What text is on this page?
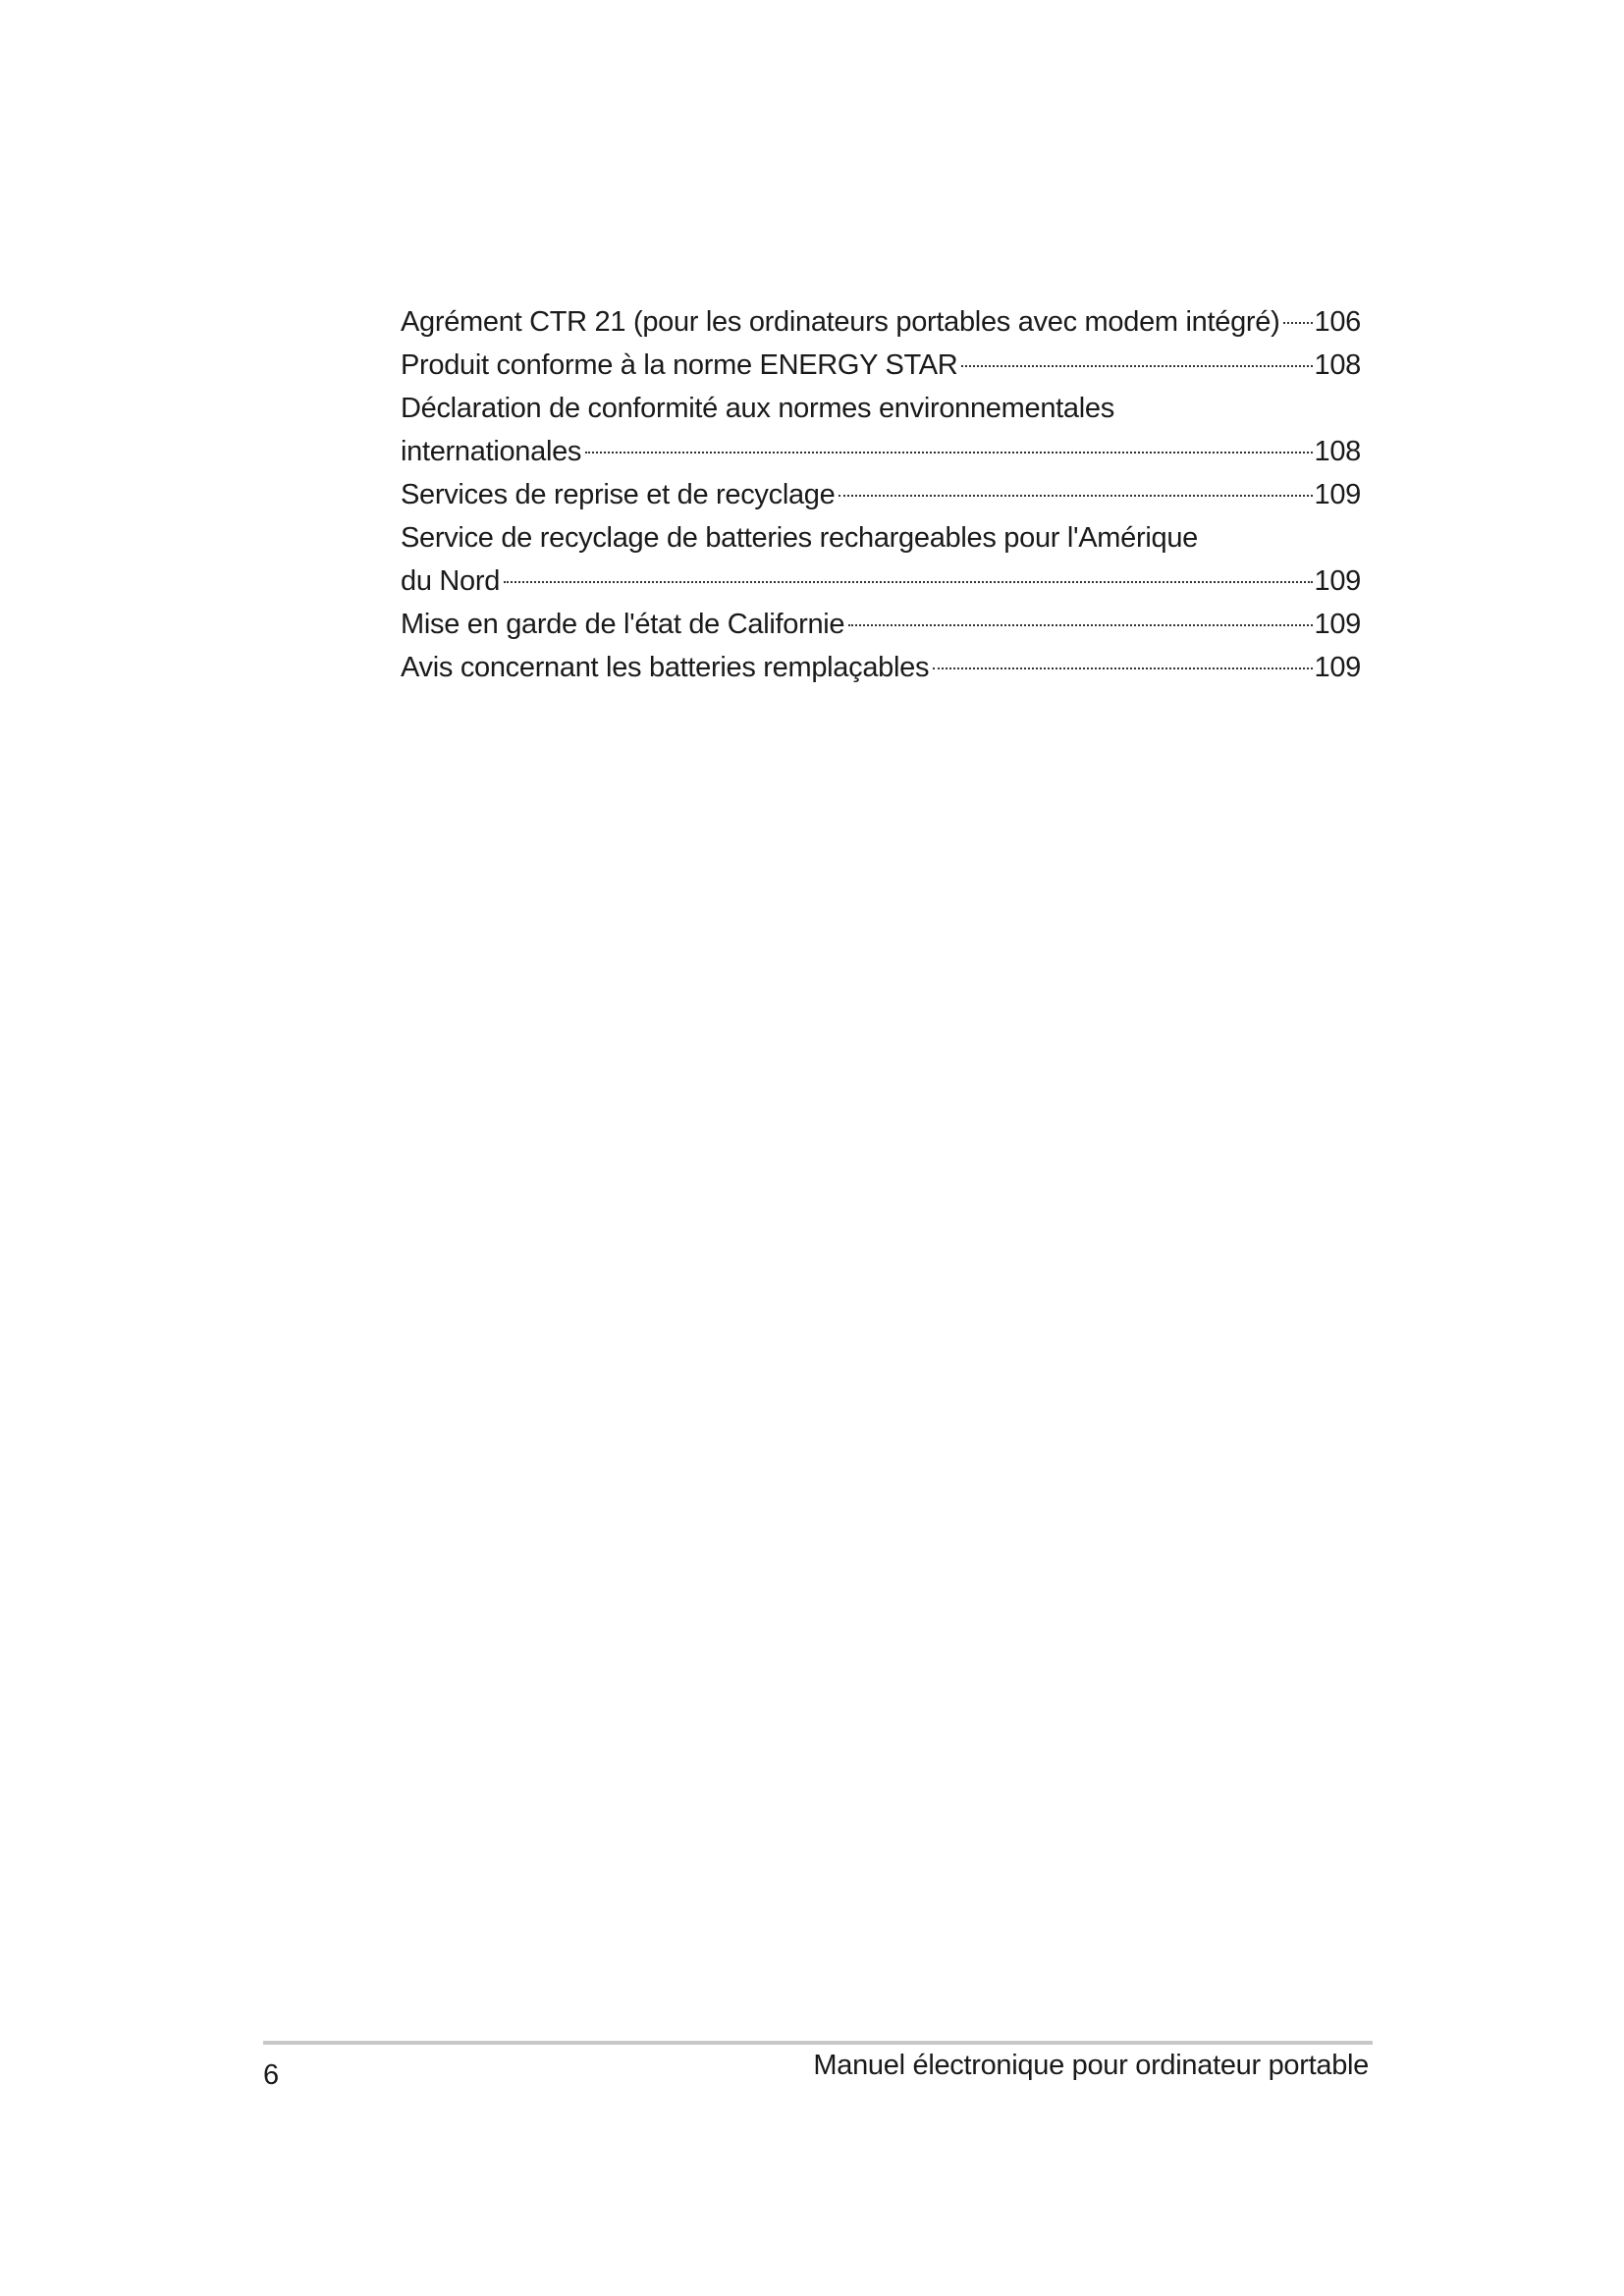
Agrément CTR 21 (pour les ordinateurs portables avec modem intégré) 106
Produit conforme à la norme ENERGY STAR	108
Déclaration de conformité aux normes environnementales
internationales	108
Services de reprise et de recyclage	109
Service de recyclage de batteries rechargeables pour l'Amérique
du Nord	109
Mise en garde de l'état de Californie	109
Avis concernant les batteries remplaçables	109
6	Manuel électronique pour ordinateur portable
